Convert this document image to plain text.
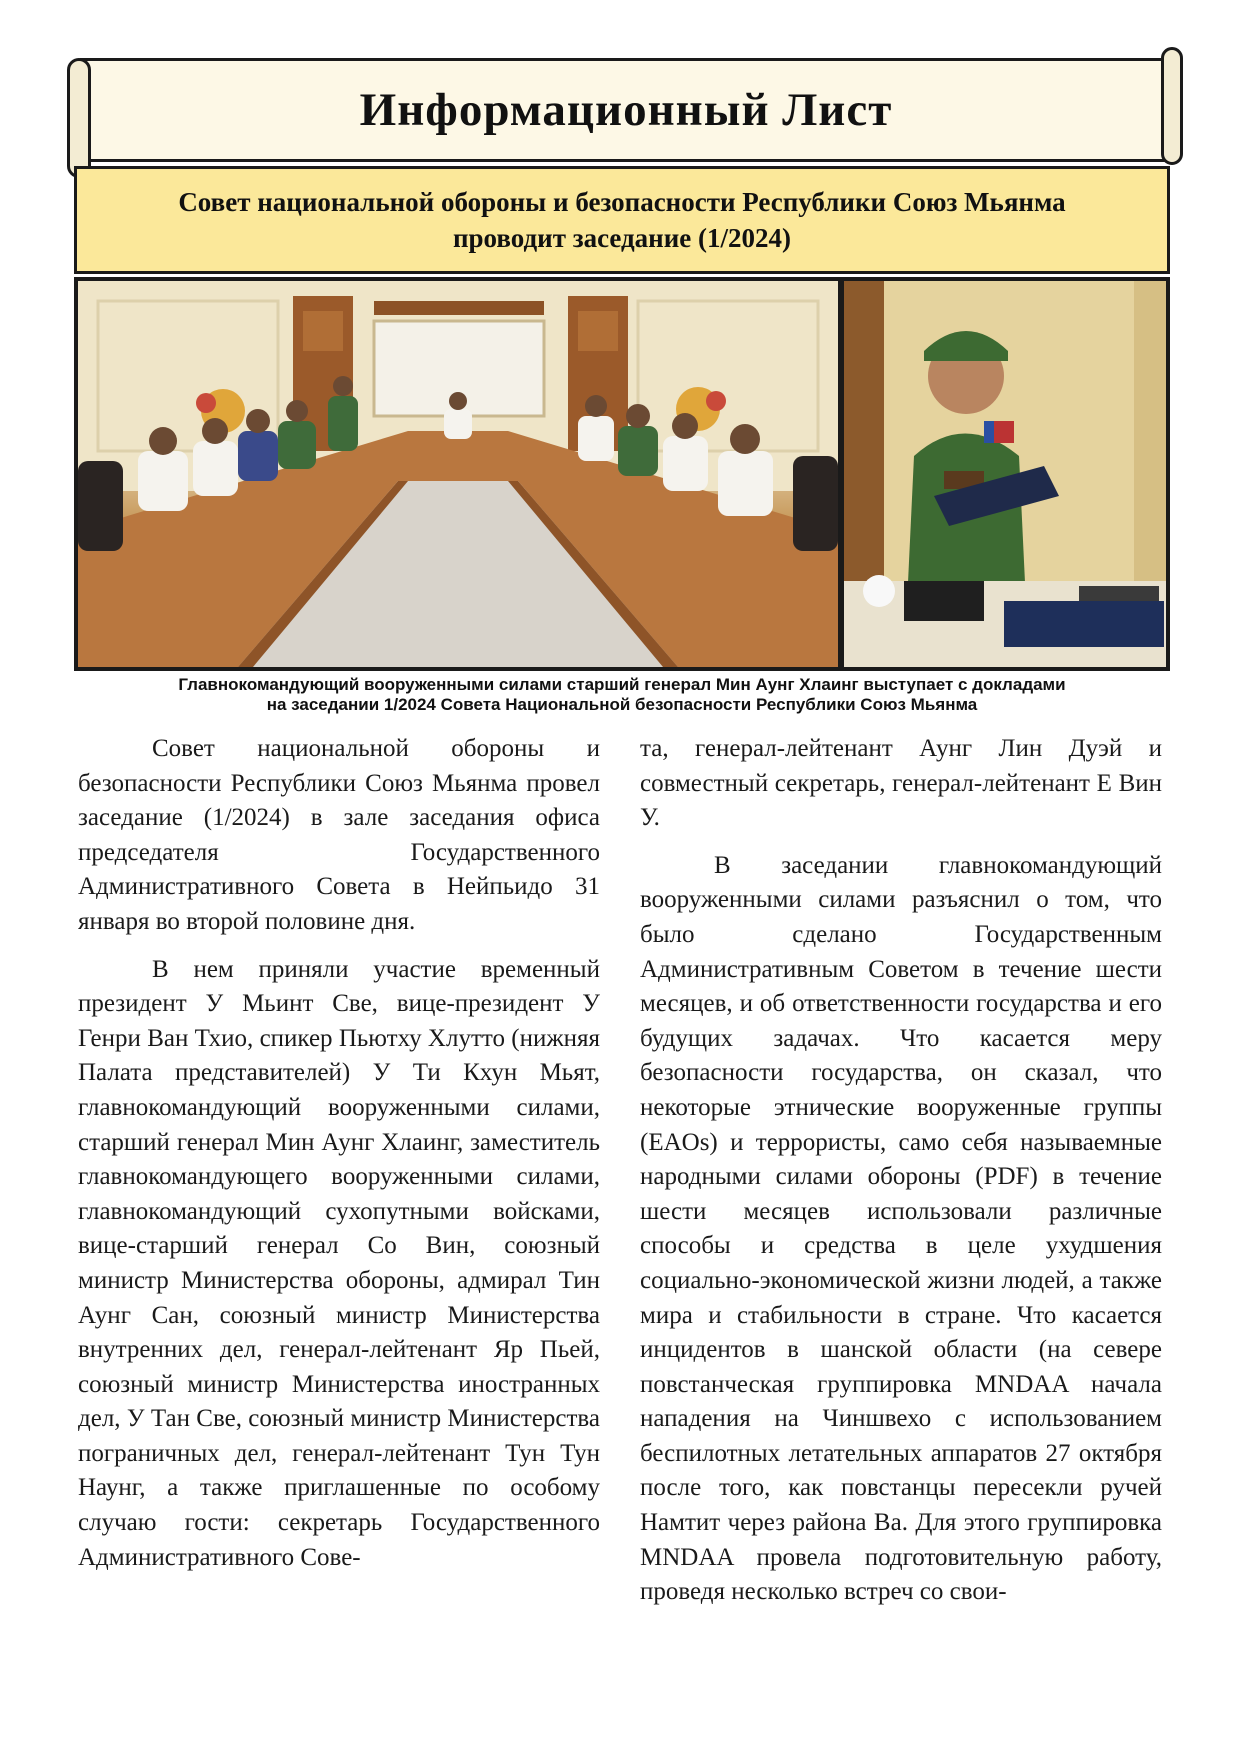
Информационный Лист
Совет национальной обороны и безопасности Республики Союз Мьянма
проводит заседание (1/2024)
Главнокомандующий вооруженными силами старший генерал Мин Аунг Хлаинг выступает с докладами
на заседании 1/2024 Совета Национальной безопасности Республики Союз Мьянма

Совет национальной обороны и безопасности Республики Союз Мьянма провел заседание (1/2024) в зале заседания офиса председателя Государственного Административного Совета в Нейпьидо 31 января во второй половине дня.

В нем приняли участие временный президент У Мьинт Све, вице-президент У Генри Ван Тхио, спикер Пьютху Хлутто (нижняя Палата представителей) У Ти Кхун Мьят, главнокомандующий вооруженными силами, старший генерал Мин Аунг Хлаинг, заместитель главнокомандующего вооруженными силами, главнокомандующий сухопутными войсками, вице-старший генерал Со Вин, союзный министр Министерства обороны, адмирал Тин Аунг Сан, союзный министр Министерства внутренних дел, генерал-лейтенант Яр Пьей, союзный министр Министерства иностранных дел, У Тан Све, союзный министр Министерства пограничных дел, генерал-лейтенант Тун Тун Наунг, а также приглашенные по особому случаю гости: секретарь Государственного Административного Сове-

та, генерал-лейтенант Аунг Лин Дуэй и совместный секретарь, генерал-лейтенант Е Вин У.

В заседании главнокомандующий вооруженными силами разъяснил о том, что было сделано Государственным Административным Советом в течение шести месяцев, и об ответственности государства и его будущих задачах. Что касается меру безопасности государства, он сказал, что некоторые этнические вооруженные группы (EAOs) и террористы, само себя называемные народными силами обороны (PDF) в течение шести месяцев использовали различные способы и средства в целе ухудшения социально-экономической жизни людей, а также мира и стабильности в стране. Что касается инцидентов в шанской области (на севере повстанческая группировка MNDAA начала нападения на Чиншвехо с использованием беспилотных летательных аппаратов 27 октября после того, как повстанцы пересекли ручей Намтит через района Ва. Для этого группировка MNDAA провела подготовительную работу, проведя несколько встреч со свои-
